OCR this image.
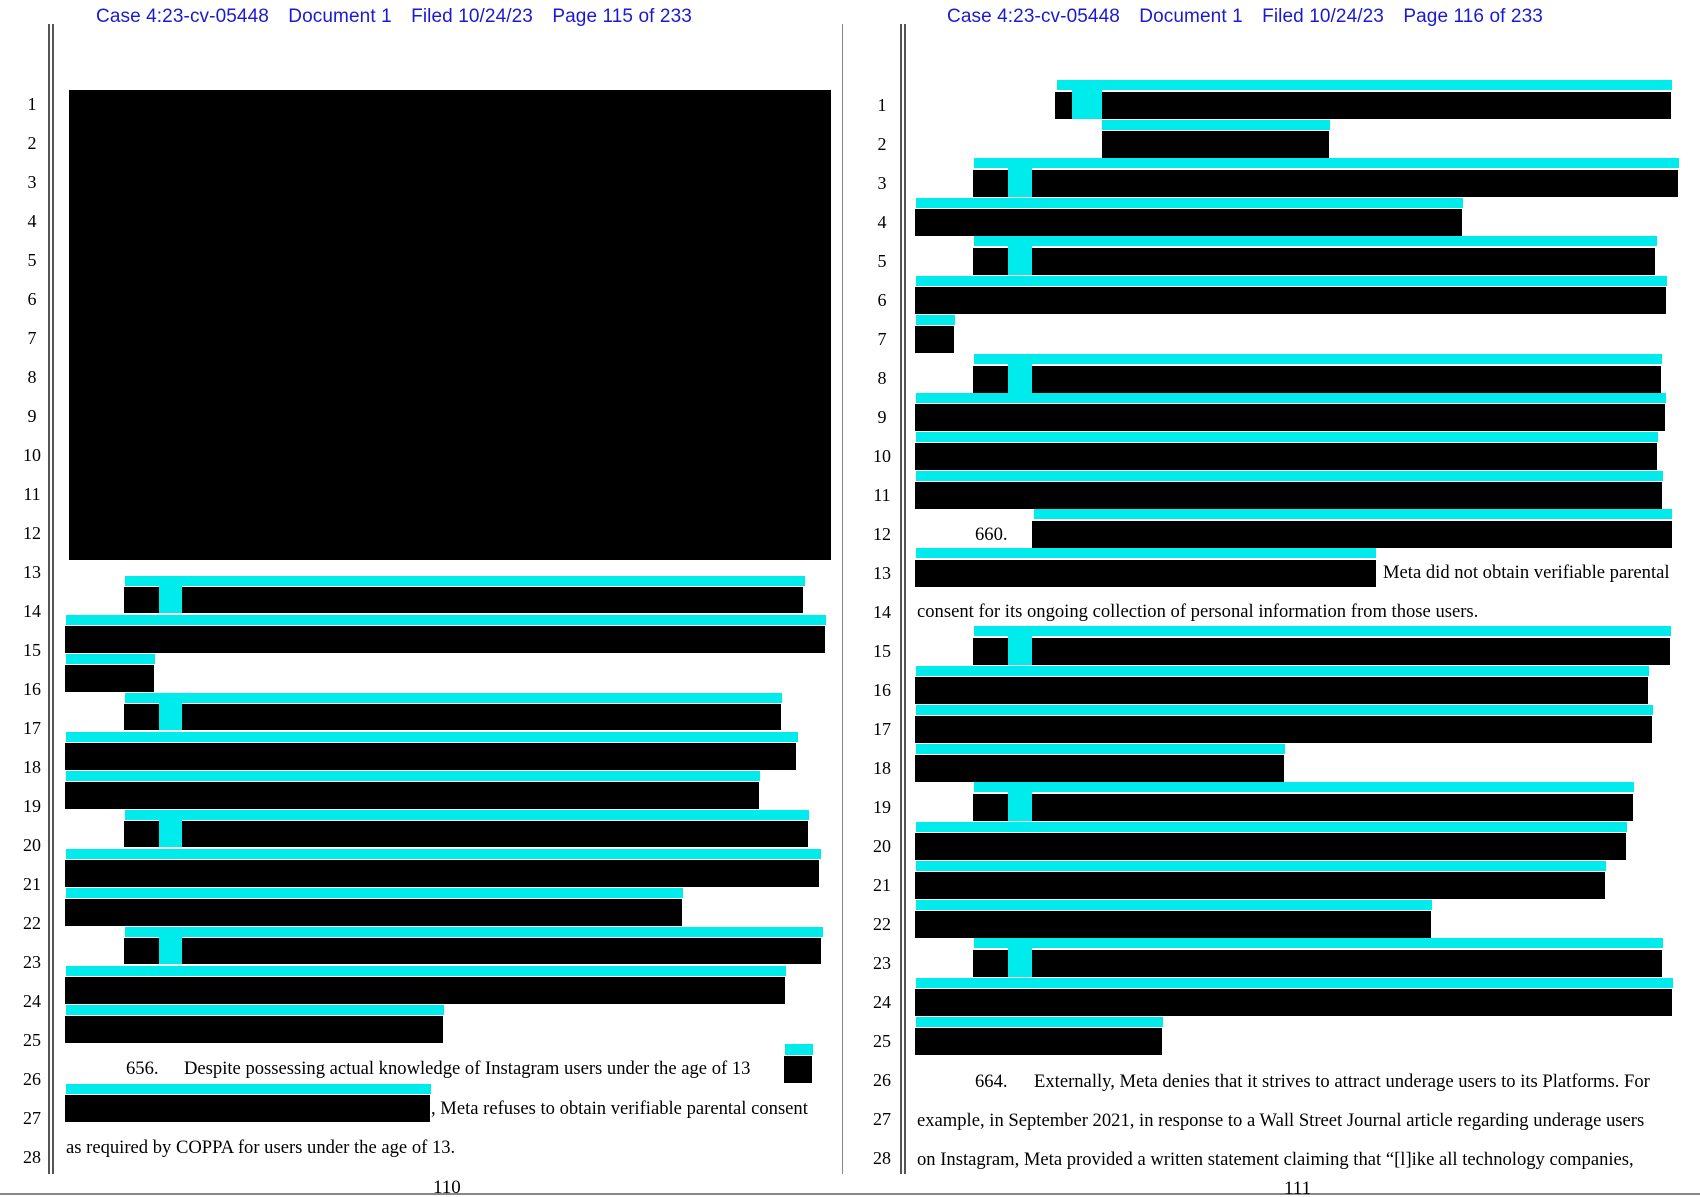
Case 4:23-cv-05448 Document 1 Filed 10/24/23 Page 115 of 233
1
2
3
4
5
6
7
8
9
10
11
12
13
14
15
16
17
18
19
20
21
22
23
24
25
26
27
28
656. Despite possessing actual knowledge of Instagram users under the age of 13
, Meta refuses to obtain verifiable parental consent
as required by COPPA for users under the age of 13.
110
Case 4:23-cv-05448 Document 1 Filed 10/24/23 Page 116 of 233
1
2
3
4
5
6
7
8
9
10
11
12
13
14
15
16
17
18
19
20
21
22
23
24
25
26
27
28
660.
Meta did not obtain verifiable parental
consent for its ongoing collection of personal information from those users.
664. Externally, Meta denies that it strives to attract underage users to its Platforms. For
example, in September 2021, in response to a Wall Street Journal article regarding underage users
on Instagram, Meta provided a written statement claiming that “[l]ike all technology companies,
111
